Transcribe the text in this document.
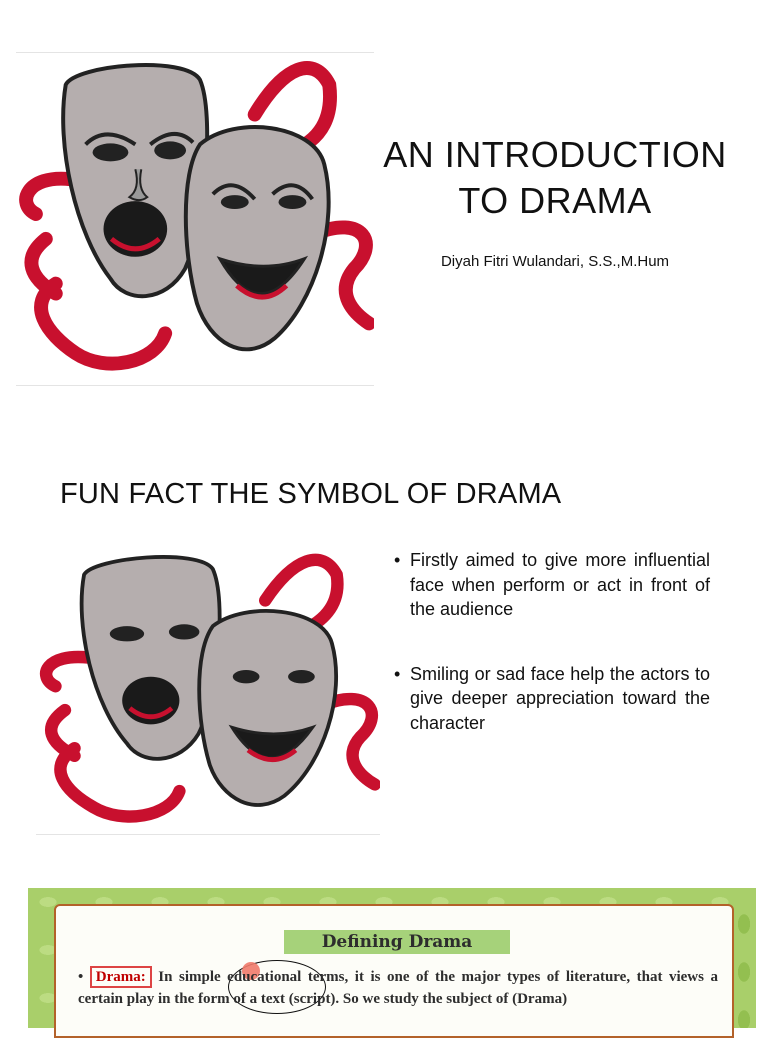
AN INTRODUCTION
TO DRAMA
Diyah Fitri Wulandari, S.S.,M.Hum
FUN FACT THE SYMBOL OF DRAMA
• Firstly aimed to give more influential face when perform or act in front of the audience
• Smiling or sad face help the actors to give deeper appreciation toward the character
Defining Drama
• Drama: In simple educational terms, it is one of the major types of literature, that views a certain play in the form of a text (script). So we study the subject of (Drama)
